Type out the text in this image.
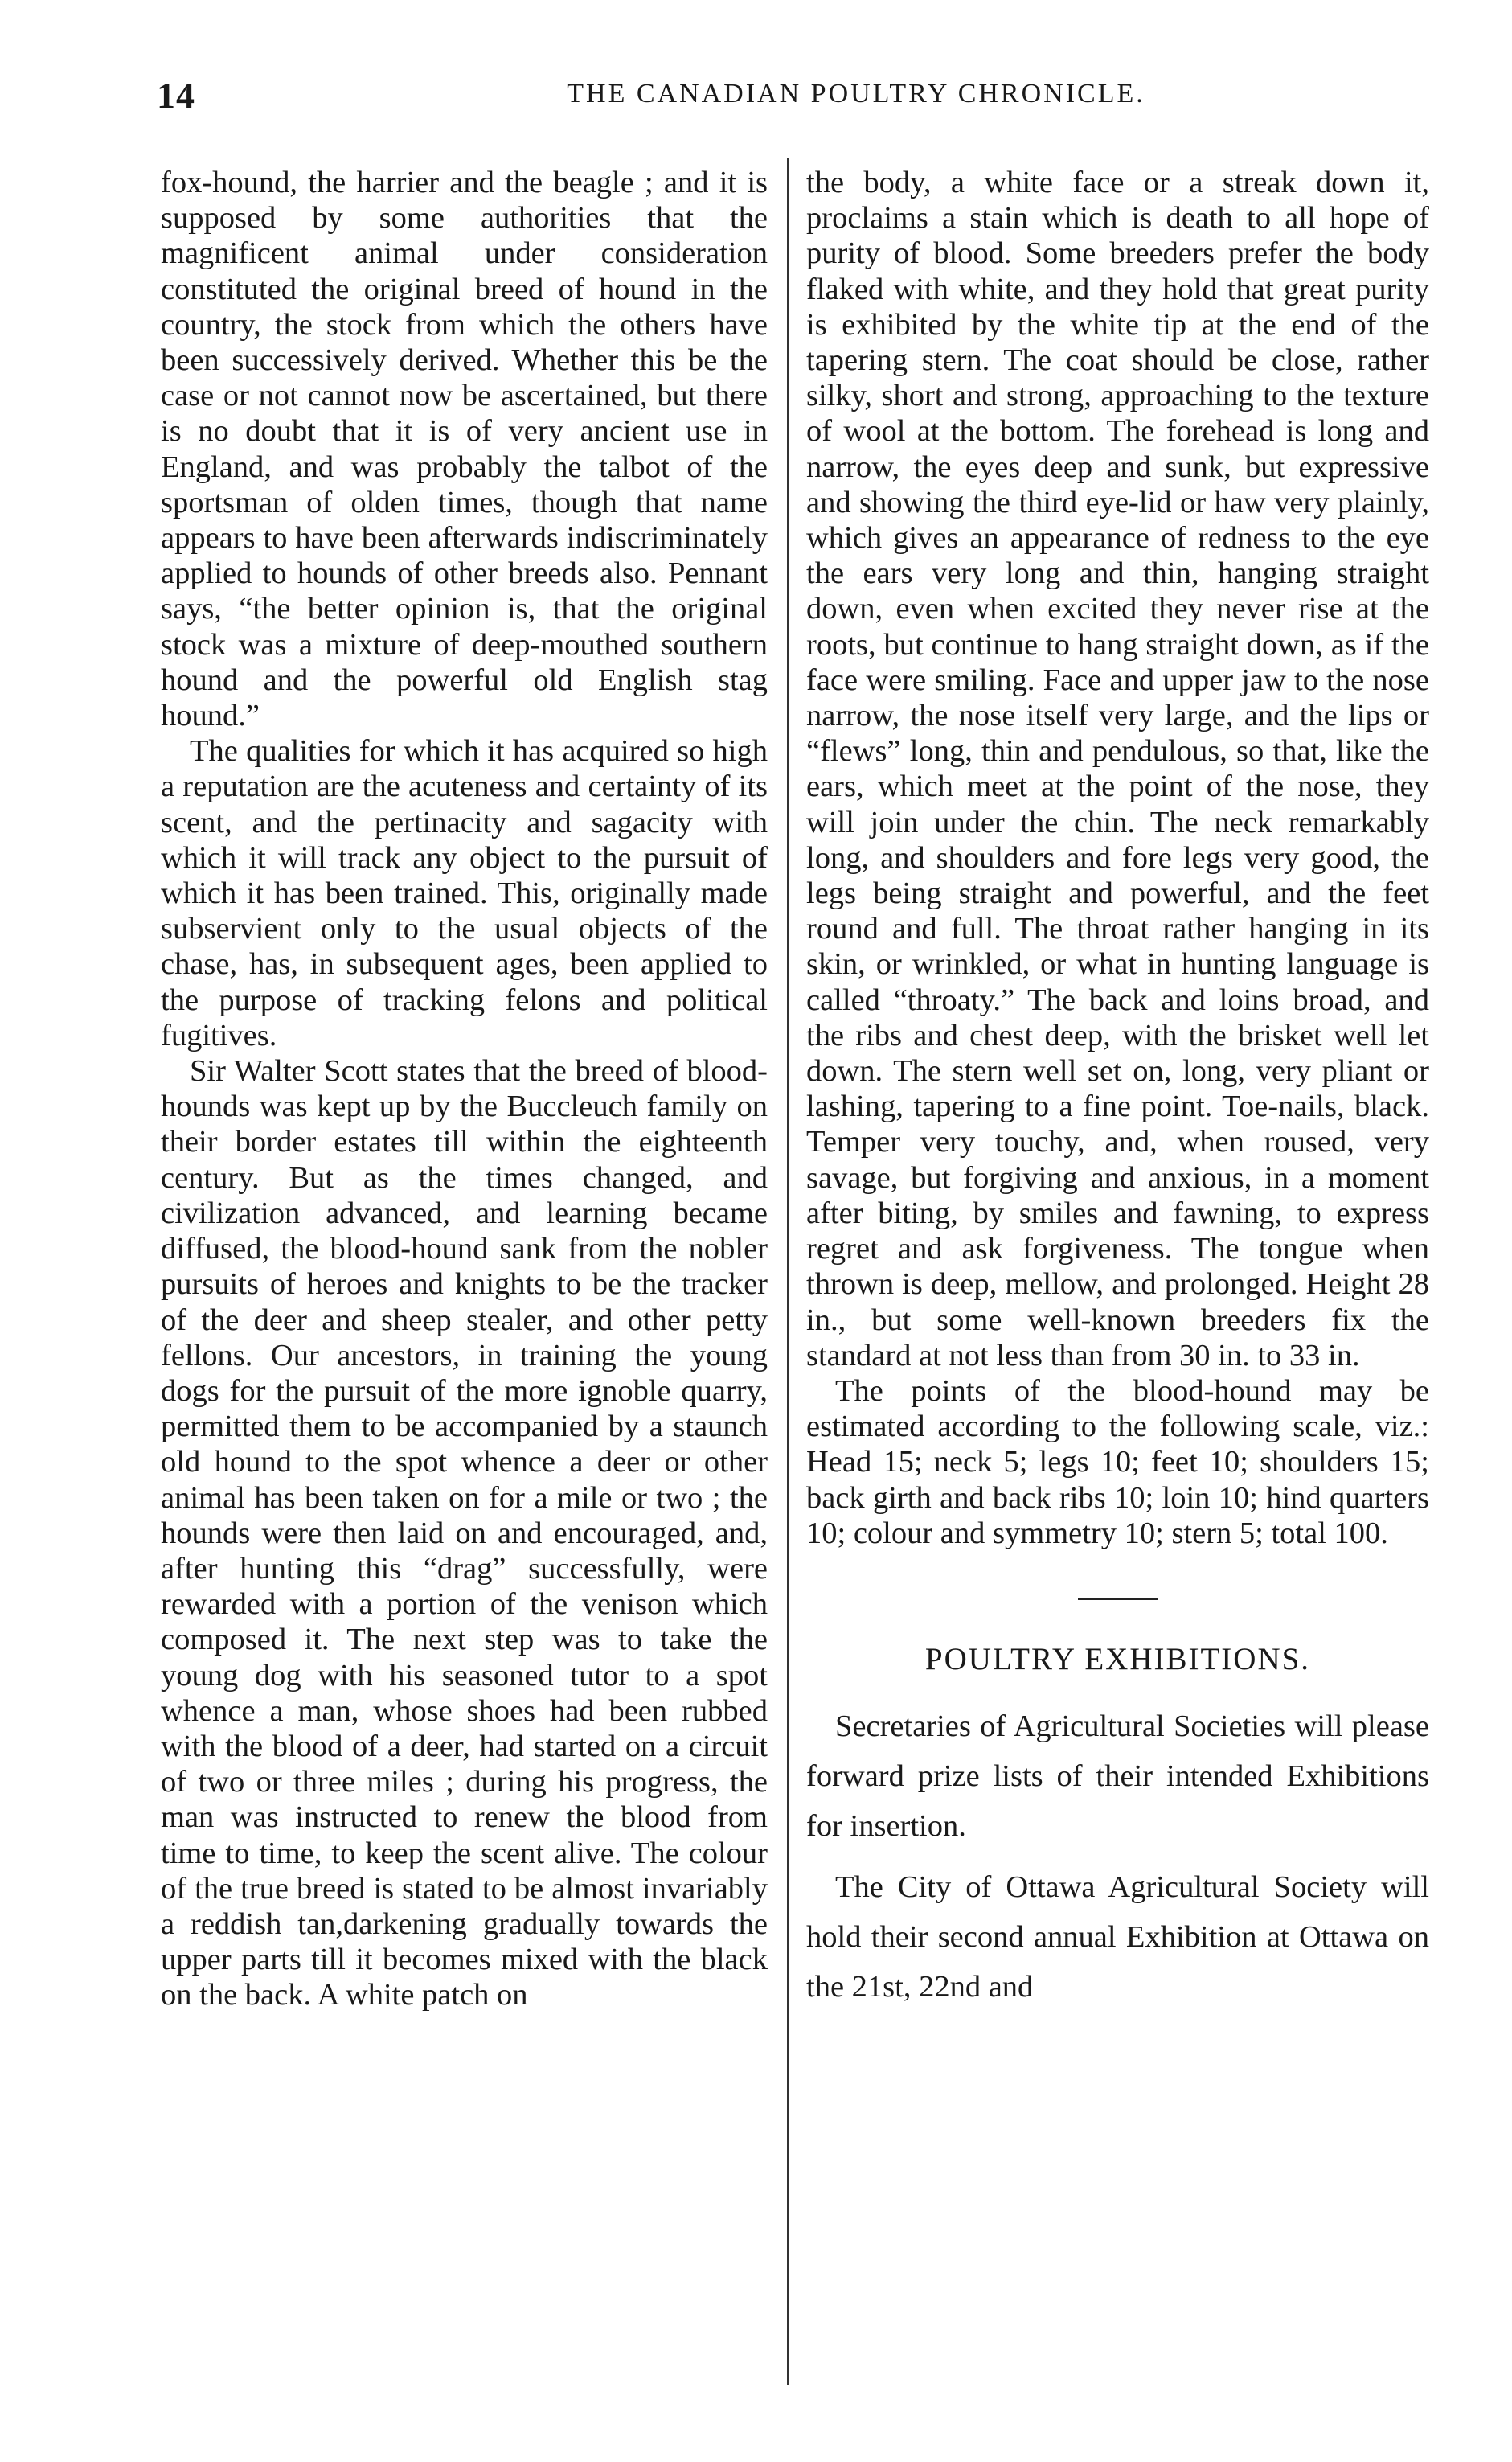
14	THE CANADIAN POULTRY CHRONICLE.

fox-hound, the harrier and the beagle ; and it is supposed by some authorities that the magnificent animal under consideration constituted the original breed of hound in the country, the stock from which the others have been successively derived. Whether this be the case or not cannot now be ascertained, but there is no doubt that it is of very ancient use in England, and was probably the talbot of the sportsman of olden times, though that name appears to have been afterwards indiscriminately applied to hounds of other breeds also. Pennant says, “the better opinion is, that the original stock was a mixture of deep-mouthed southern hound and the powerful old English stag hound.”

The qualities for which it has acquired so high a reputation are the acuteness and certainty of its scent, and the pertinacity and sagacity with which it will track any object to the pursuit of which it has been trained. This, originally made subservient only to the usual objects of the chase, has, in subsequent ages, been applied to the purpose of tracking felons and political fugitives.

Sir Walter Scott states that the breed of blood-hounds was kept up by the Buccleuch family on their border estates till within the eighteenth century. But as the times changed, and civilization advanced, and learning became diffused, the blood-hound sank from the nobler pursuits of heroes and knights to be the tracker of the deer and sheep stealer, and other petty fellons. Our ancestors, in training the young dogs for the pursuit of the more ignoble quarry, permitted them to be accompanied by a staunch old hound to the spot whence a deer or other animal has been taken on for a mile or two ; the hounds were then laid on and encouraged, and, after hunting this “drag” successfully, were rewarded with a portion of the venison which composed it. The next step was to take the young dog with his seasoned tutor to a spot whence a man, whose shoes had been rubbed with the blood of a deer, had started on a circuit of two or three miles ; during his progress, the man was instructed to renew the blood from time to time, to keep the scent alive. The colour of the true breed is stated to be almost invariably a reddish tan,darkening gradually towards the upper parts till it becomes mixed with the black on the back. A white patch on

the body, a white face or a streak down it, proclaims a stain which is death to all hope of purity of blood. Some breeders prefer the body flaked with white, and they hold that great purity is exhibited by the white tip at the end of the tapering stern. The coat should be close, rather silky, short and strong, approaching to the texture of wool at the bottom. The forehead is long and narrow, the eyes deep and sunk, but expressive and showing the third eye-lid or haw very plainly, which gives an appearance of redness to the eye the ears very long and thin, hanging straight down, even when excited they never rise at the roots, but continue to hang straight down, as if the face were smiling. Face and upper jaw to the nose narrow, the nose itself very large, and the lips or “flews” long, thin and pendulous, so that, like the ears, which meet at the point of the nose, they will join under the chin. The neck remarkably long, and shoulders and fore legs very good, the legs being straight and powerful, and the feet round and full. The throat rather hanging in its skin, or wrinkled, or what in hunting language is called “throaty.” The back and loins broad, and the ribs and chest deep, with the brisket well let down. The stern well set on, long, very pliant or lashing, tapering to a fine point. Toe-nails, black. Temper very touchy, and, when roused, very savage, but forgiving and anxious, in a moment after biting, by smiles and fawning, to express regret and ask forgiveness. The tongue when thrown is deep, mellow, and prolonged. Height 28 in., but some well-known breeders fix the standard at not less than from 30 in. to 33 in.

The points of the blood-hound may be estimated according to the following scale, viz.: Head 15; neck 5; legs 10; feet 10; shoulders 15; back girth and back ribs 10; loin 10; hind quarters 10; colour and symmetry 10; stern 5; total 100.

POULTRY EXHIBITIONS.

Secretaries of Agricultural Societies will please forward prize lists of their intended Exhibitions for insertion.

The City of Ottawa Agricultural Society will hold their second annual Exhibition at Ottawa on the 21st, 22nd and
